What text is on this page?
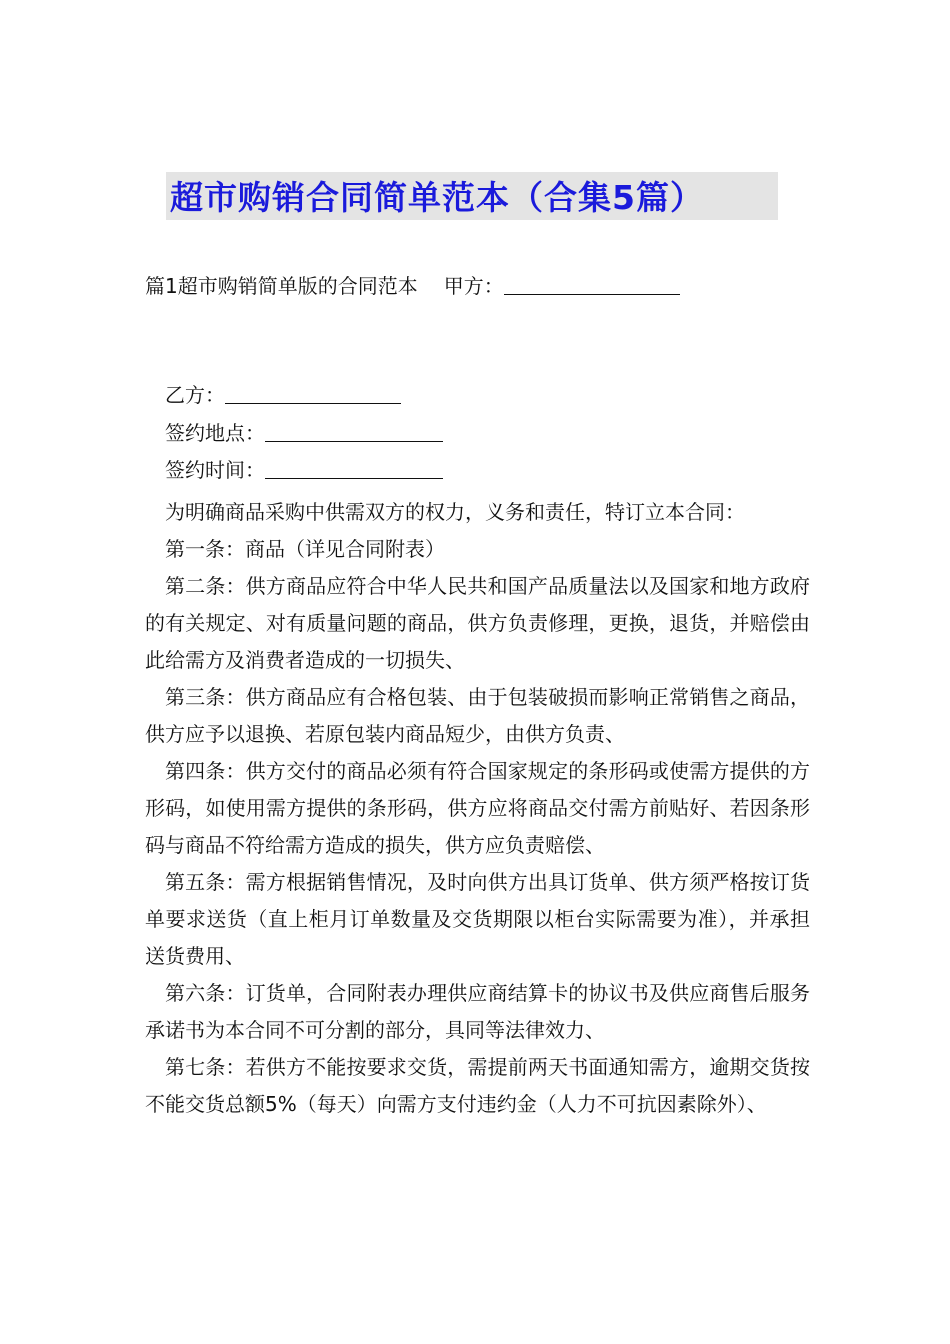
超市购销合同简单范本（合集5篇）
篇1超市购销简单版的合同范本 甲方：
乙方：
签约地点：
签约时间：

为明确商品采购中供需双方的权力，义务和责任，特订立本合同：

第一条：商品（详见合同附表）

第二条：供方商品应符合中华人民共和国产品质量法以及国家和地方政府的有关规定、对有质量问题的商品，供方负责修理，更换，退货，并赔偿由此给需方及消费者造成的一切损失、

第三条：供方商品应有合格包装、由于包装破损而影响正常销售之商品，供方应予以退换、若原包装内商品短少，由供方负责、

第四条：供方交付的商品必须有符合国家规定的条形码或使需方提供的方形码，如使用需方提供的条形码，供方应将商品交付需方前贴好、若因条形码与商品不符给需方造成的损失，供方应负责赔偿、

第五条：需方根据销售情况，及时向供方出具订货单、供方须严格按订货单要求送货（直上柜月订单数量及交货期限以柜台实际需要为准），并承担送货费用、

第六条：订货单，合同附表办理供应商结算卡的协议书及供应商售后服务承诺书为本合同不可分割的部分，具同等法律效力、

第七条：若供方不能按要求交货，需提前两天书面通知需方，逾期交货按不能交货总额5%（每天）向需方支付违约金（人力不可抗因素除外）、
